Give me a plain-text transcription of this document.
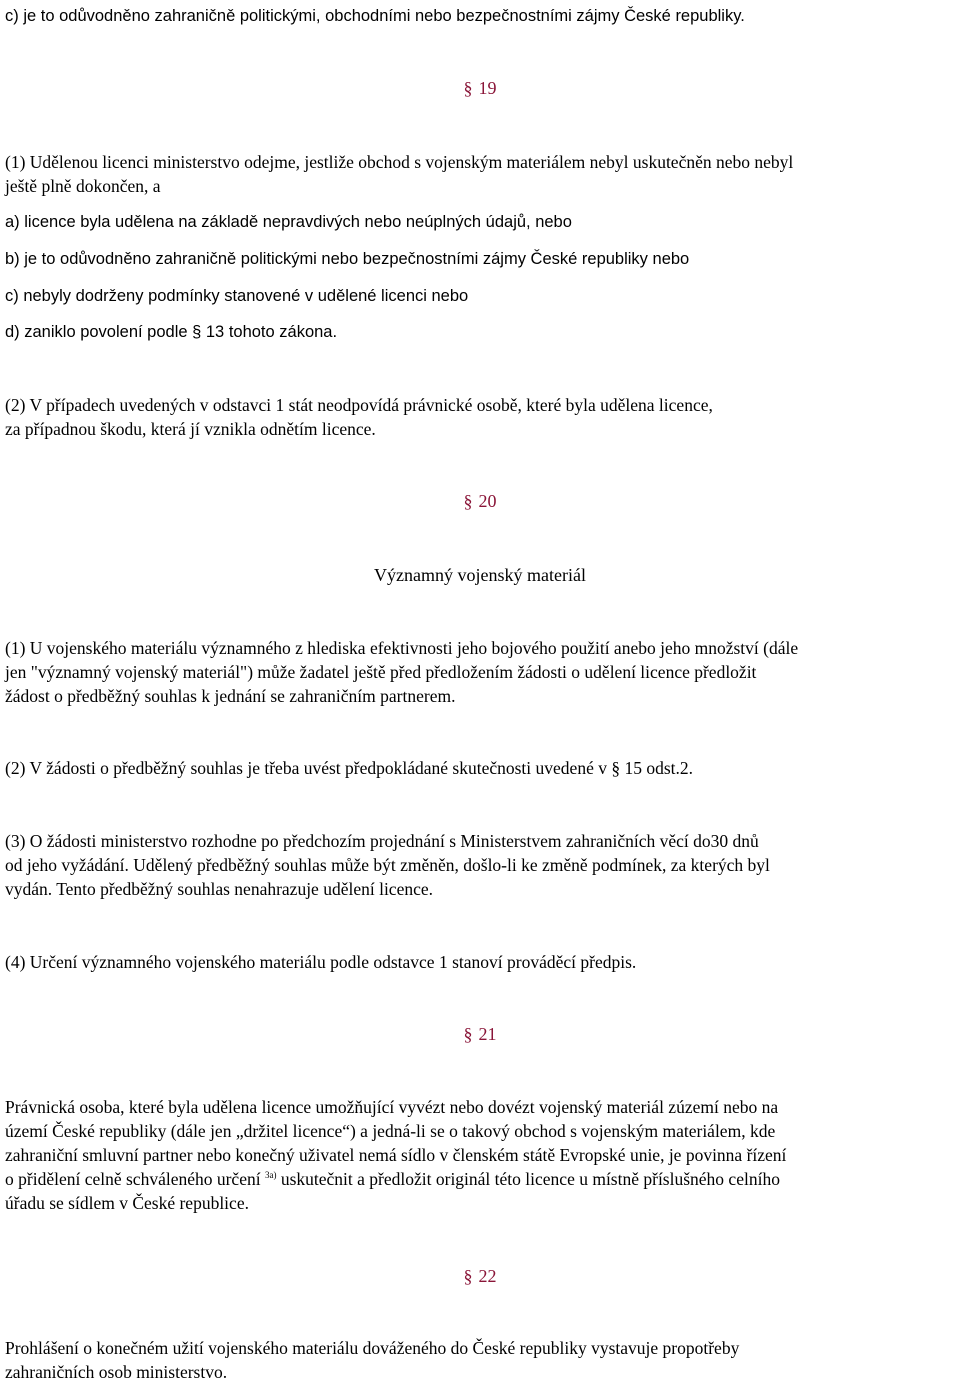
c) je to odůvodněno zahraničně politickými, obchodními nebo bezpečnostními zájmy České republiky.
§ 19
(1) Udělenou licenci ministerstvo odejme, jestliže obchod s vojenským materiálem nebyl uskutečněn nebo nebyl
ještě plně dokončen, a
a) licence byla udělena na základě nepravdivých nebo neúplných údajů, nebo
b) je to odůvodněno zahraničně politickými nebo bezpečnostními zájmy České republiky nebo
c) nebyly dodrženy podmínky stanovené v udělené licenci nebo
d) zaniklo povolení podle § 13 tohoto zákona.
(2) V případech uvedených v odstavci 1 stát neodpovídá právnické osobě, které byla udělena licence,
za případnou škodu, která jí vznikla odnětím licence.
§ 20
Významný vojenský materiál
(1) U vojenského materiálu významného z hlediska efektivnosti jeho bojového použití anebo jeho množství (dále
jen "významný vojenský materiál") může žadatel ještě před předložením žádosti o udělení licence předložit
žádost o předběžný souhlas k jednání se zahraničním partnerem.
(2) V žádosti o předběžný souhlas je třeba uvést předpokládané skutečnosti uvedené v § 15 odst.2.
(3) O žádosti ministerstvo rozhodne po předchozím projednání s Ministerstvem zahraničních věcí do30 dnů
od jeho vyžádání. Udělený předběžný souhlas může být změněn, došlo-li ke změně podmínek, za kterých byl
vydán. Tento předběžný souhlas nenahrazuje udělení licence.
(4) Určení významného vojenského materiálu podle odstavce 1 stanoví prováděcí předpis.
§ 21
Právnická osoba, které byla udělena licence umožňující vyvézt nebo dovézt vojenský materiál zúzemí nebo na
území České republiky (dále jen „držitel licence“) a jedná-li se o takový obchod s vojenským materiálem, kde
zahraniční smluvní partner nebo konečný uživatel nemá sídlo v členském státě Evropské unie, je povinna řízení
o přidělení celně schváleného určení $^{3a)}$ uskutečnit a předložit originál této licence u místně příslušného celního
úřadu se sídlem v České republice.
§ 22
Prohlášení o konečném užití vojenského materiálu dováženého do České republiky vystavuje propotřeby
zahraničních osob ministerstvo.
